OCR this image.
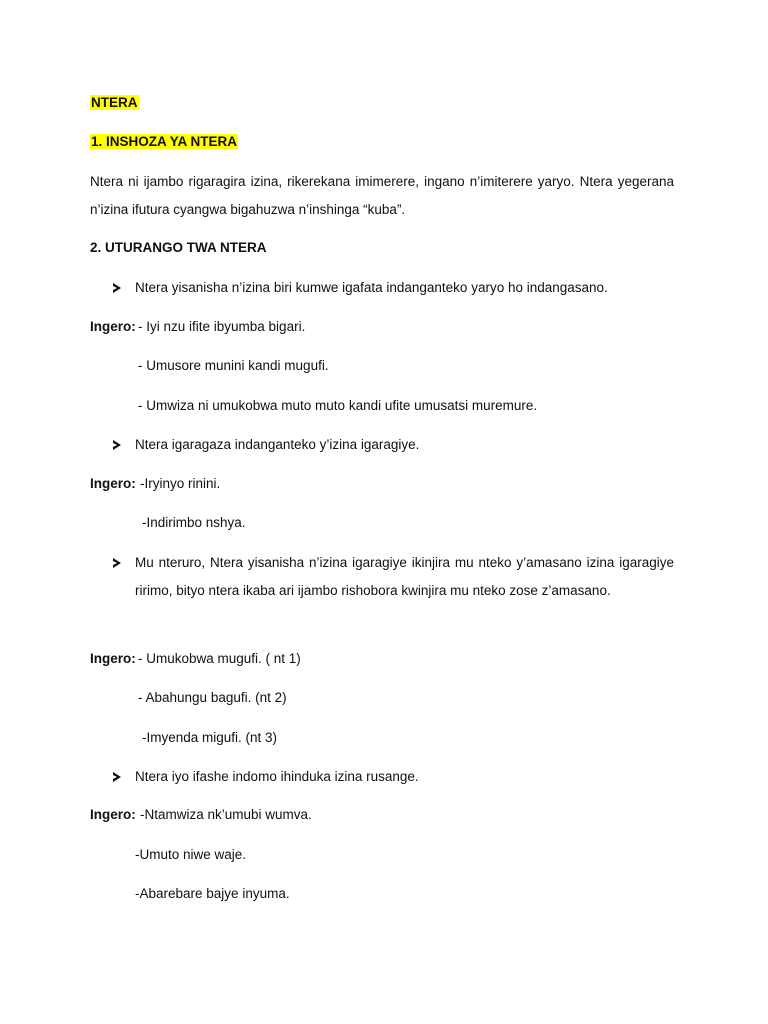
NTERA
1. INSHOZA YA NTERA
Ntera ni ijambo rigaragira izina, rikerekana imimerere, ingano n’imiterere yaryo. Ntera yegerana n’izina ifutura cyangwa bigahuzwa n’inshinga “kuba”.
2. UTURANGO TWA NTERA
Ntera yisanisha n’izina biri kumwe igafata indanganteko yaryo ho indangasano.
Ingero: - Iyi nzu ifite ibyumba bigari.
- Umusore munini kandi mugufi.
- Umwiza ni umukobwa muto muto kandi ufite umusatsi muremure.
Ntera igaragaza indanganteko y’izina igaragiye.
Ingero: -Iryinyo rinini.
-Indirimbo nshya.
Mu nteruro, Ntera yisanisha n’izina igaragiye ikinjira mu nteko y’amasano izina igaragiye ririmo, bityo ntera ikaba ari ijambo rishobora kwinjira mu nteko zose z’amasano.
Ingero: - Umukobwa mugufi. ( nt 1)
- Abahungu bagufi. (nt 2)
-Imyenda migufi. (nt 3)
Ntera iyo ifashe indomo ihinduka izina rusange.
Ingero: -Ntamwiza nk’umubi wumva.
-Umuto niwe waje.
-Abarebare bajye inyuma.
